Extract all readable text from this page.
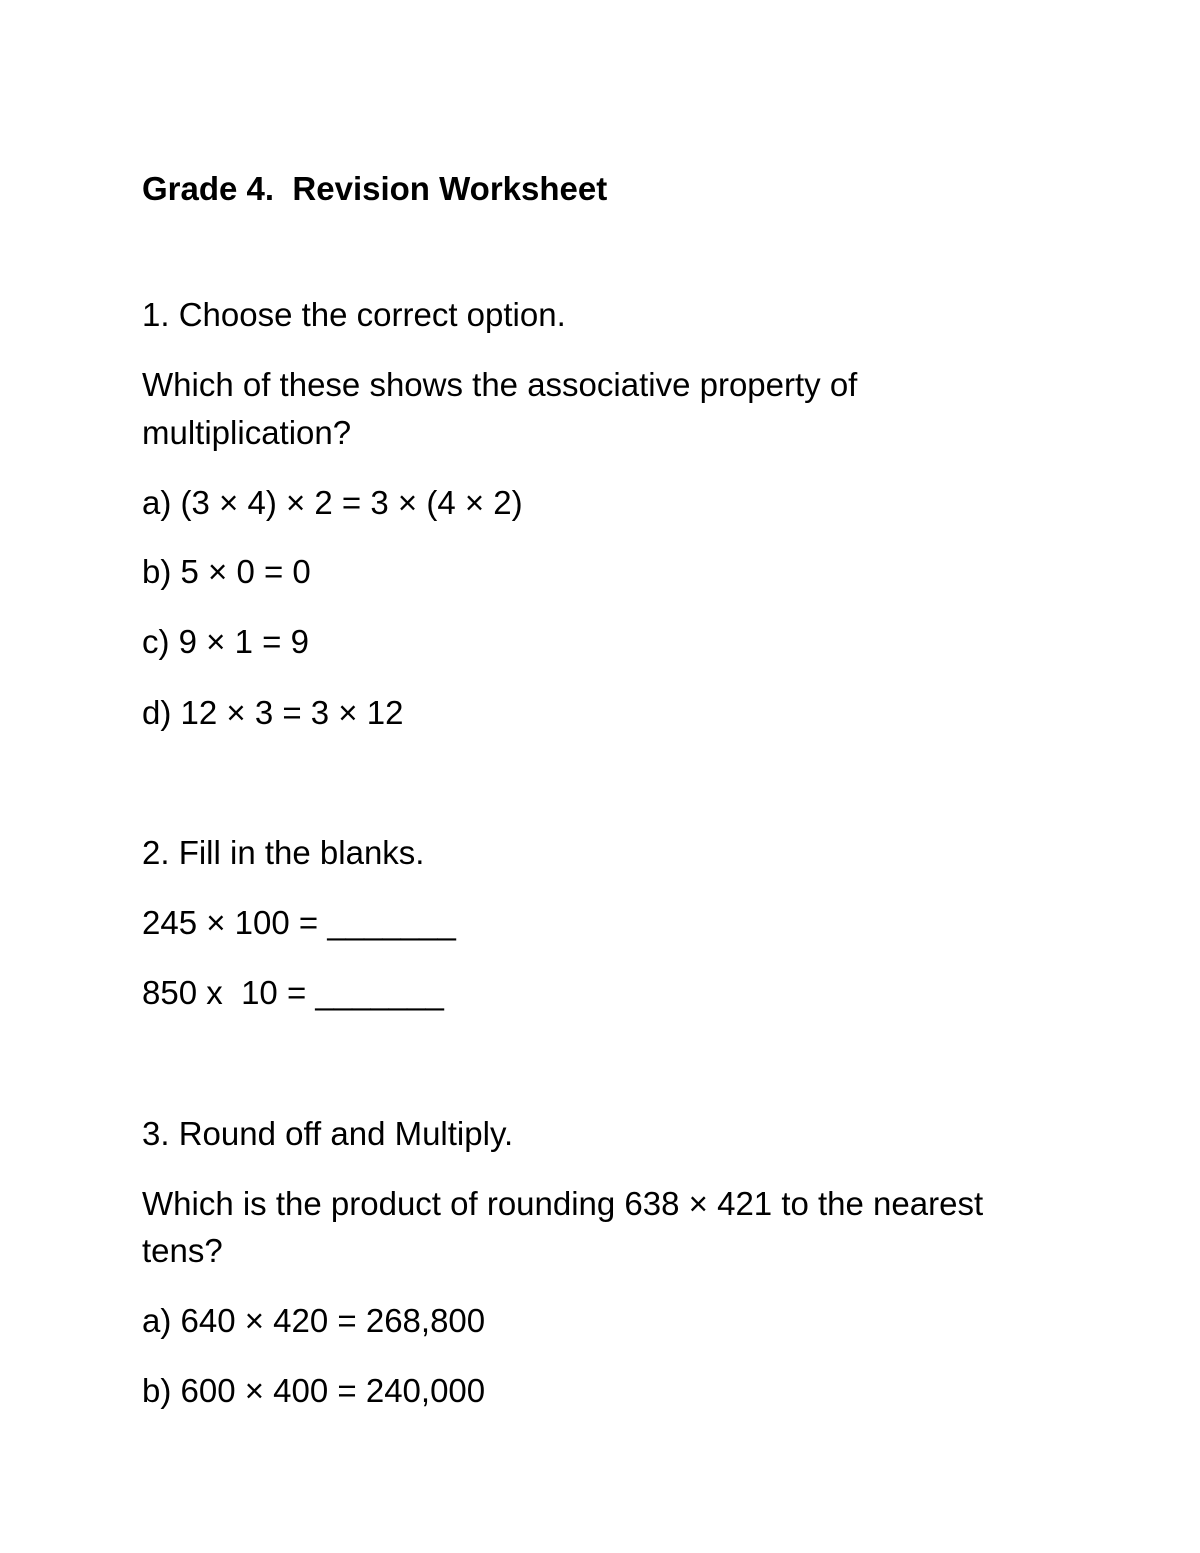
Grade 4.  Revision Worksheet
1. Choose the correct option.
Which of these shows the associative property of
multiplication?
a) (3 × 4) × 2 = 3 × (4 × 2)
b) 5 × 0 = 0
c) 9 × 1 = 9
d) 12 × 3 = 3 × 12
2. Fill in the blanks.
245 × 100 = _______
850 x  10 = _______
3. Round off and Multiply.
Which is the product of rounding 638 × 421 to the nearest
tens?
a) 640 × 420 = 268,800
b) 600 × 400 = 240,000
